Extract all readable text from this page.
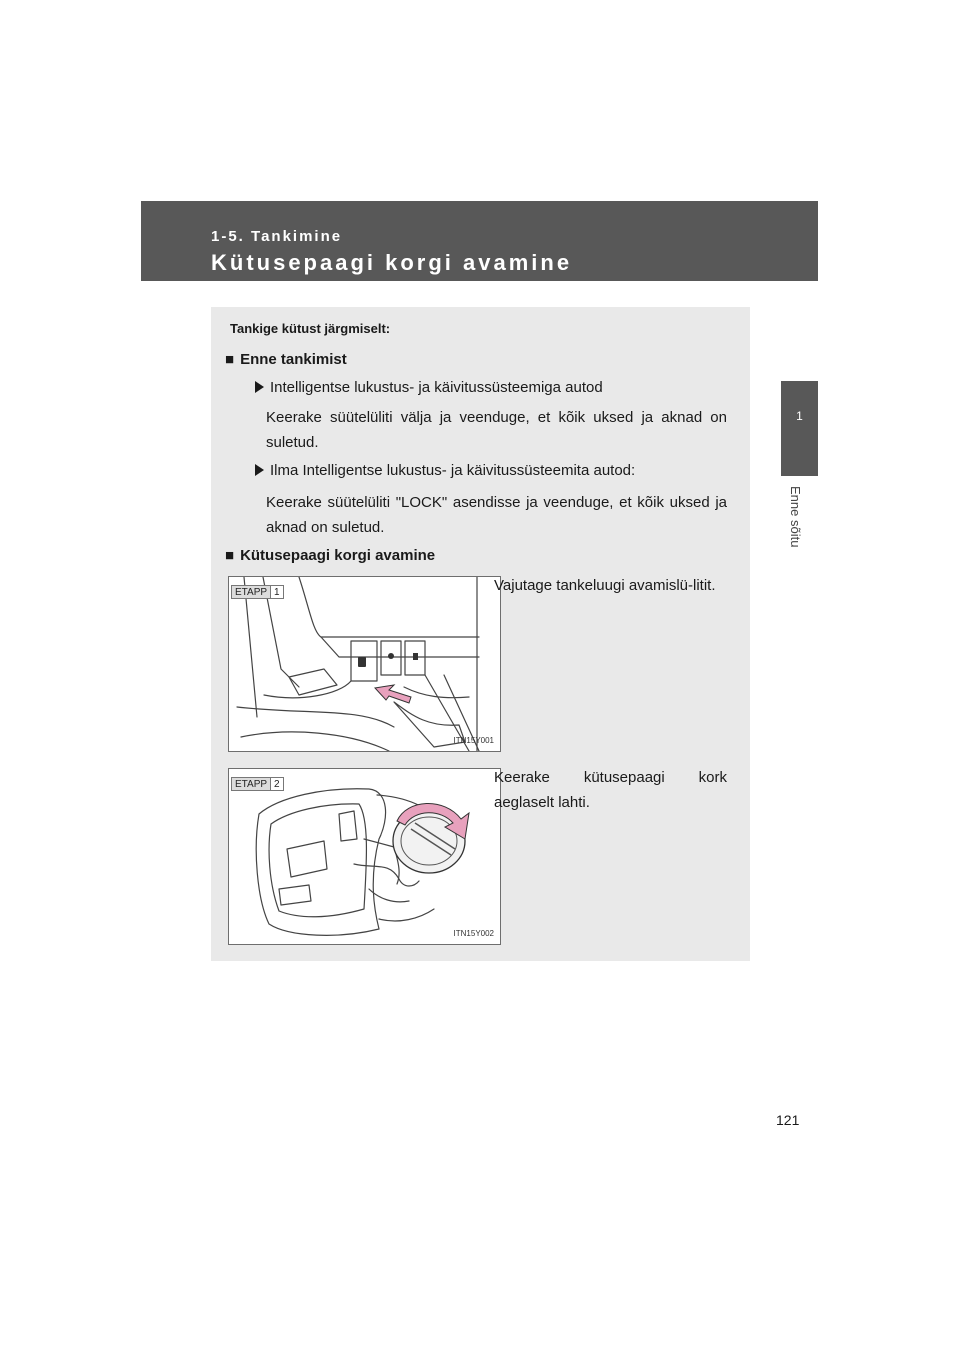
1-5. Tankimine
Kütusepaagi korgi avamine
1
Enne sõitu
Tankige kütust järgmiselt:
■ Enne tankimist
Intelligentse lukustus- ja käivitussüsteemiga autod
Keerake süütelüliti välja ja veenduge, et kõik uksed ja aknad on suletud.
Ilma Intelligentse lukustus- ja käivitussüsteemita autod:
Keerake süütelüliti "LOCK" asendisse ja veenduge, et kõik uksed ja aknad on suletud.
■ Kütusepaagi korgi avamine
ETAPP 1
ITN15Y001
Vajutage tankeluugi avamislü-litit.
ETAPP 2
ITN15Y002
Keerake kütusepaagi kork aeglaselt lahti.
121
